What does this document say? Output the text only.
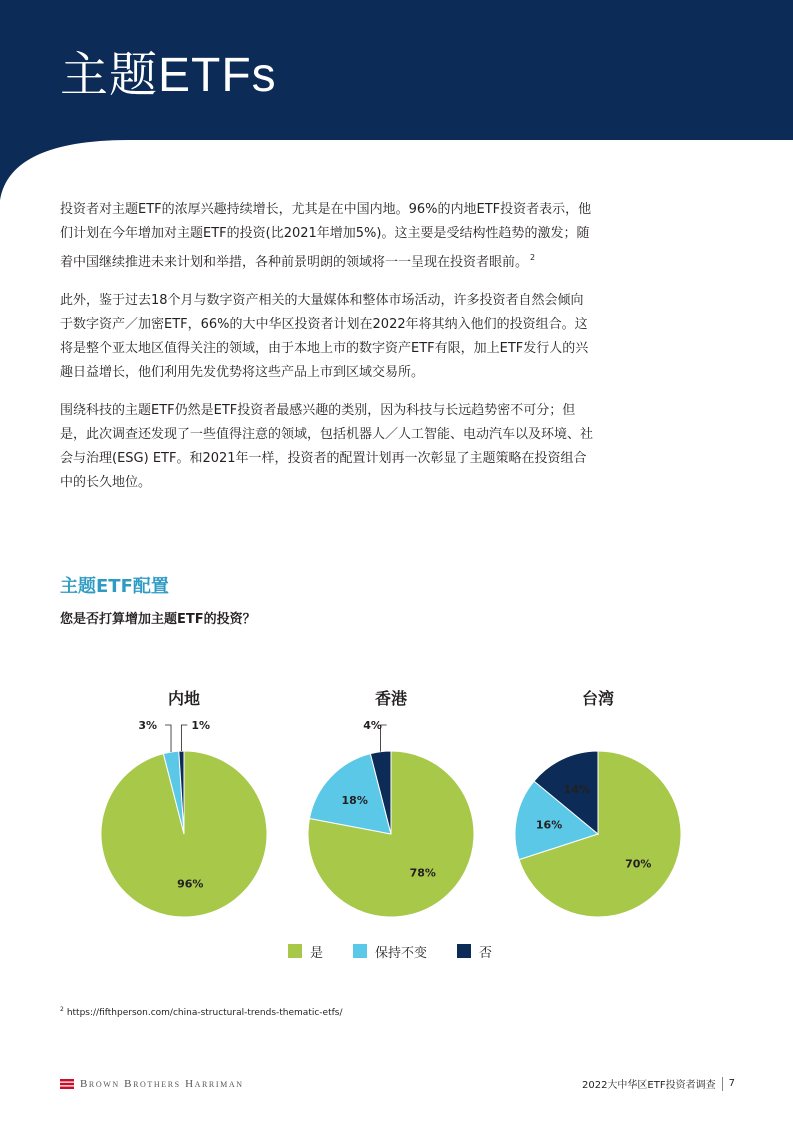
主题ETFs

投资者对主题ETF的浓厚兴趣持续增长，尤其是在中国内地。96%的内地ETF投资者表示，他们计划在今年增加对主题ETF的投资(比2021年增加5%)。这主要是受结构性趋势的激发；随着中国继续推进未来计划和举措，各种前景明朗的领域将一一呈现在投资者眼前。 $^2$

此外，鉴于过去18个月与数字资产相关的大量媒体和整体市场活动，许多投资者自然会倾向于数字资产／加密ETF，66%的大中华区投资者计划在2022年将其纳入他们的投资组合。这将是整个亚太地区值得关注的领域，由于本地上市的数字资产ETF有限，加上ETF发行人的兴趣日益增长，他们利用先发优势将这些产品上市到区域交易所。

围绕科技的主题ETF仍然是ETF投资者最感兴趣的类别，因为科技与长远趋势密不可分；但是，此次调查还发现了一些值得注意的领域，包括机器人／人工智能、电动汽车以及环境、社会与治理(ESG) ETF。和2021年一样，投资者的配置计划再一次彰显了主题策略在投资组合中的长久地位。

主题ETF配置

您是否打算增加主题ETF的投资？

内地
96%
3%	1%
香港
78%
18%
4%
台湾
70%
16%
14%
是	保持不变	否
$^2$ https://fifthperson.com/china-structural-trends-thematic-etfs/
Brown Brothers Harriman	2022大中华区ETF投资者调查 7
